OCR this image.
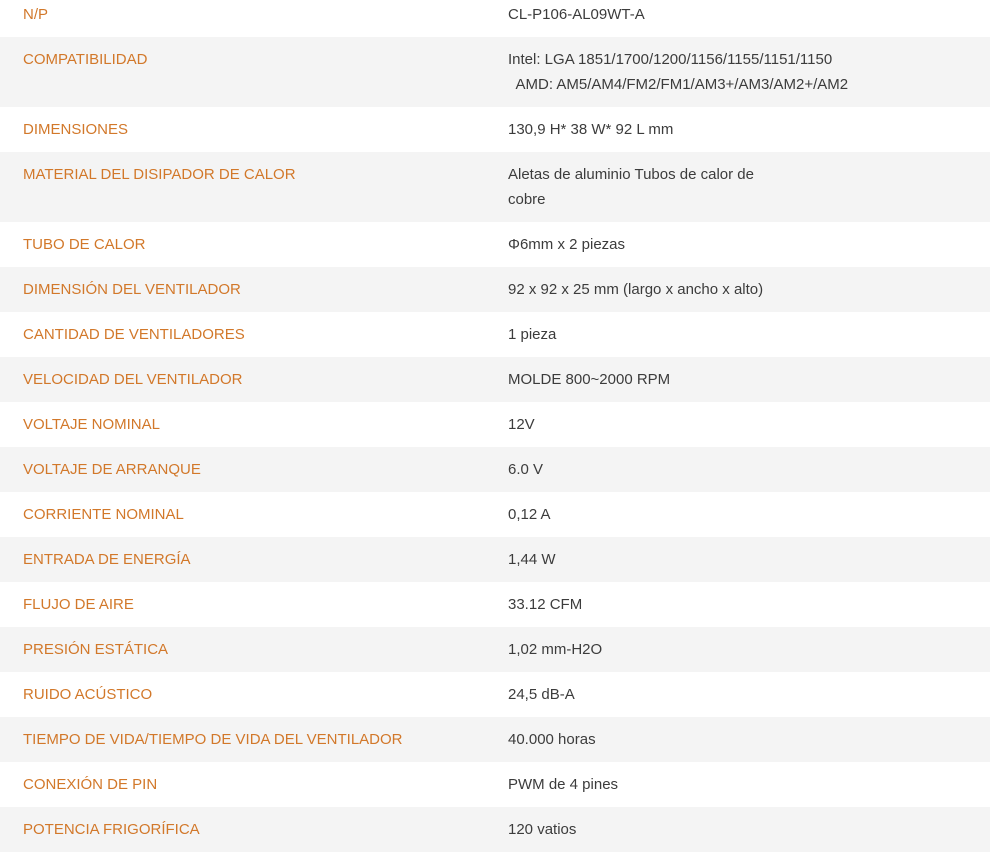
N/P	CL-P106-AL09WT-A

COMPATIBILIDAD	Intel: LGA 1851/1700/1200/1156/1155/1151/1150
AMD: AM5/AM4/FM2/FM1/AM3+/AM3/AM2+/AM2

DIMENSIONES	130,9 H* 38 W* 92 L mm

MATERIAL DEL DISIPADOR DE CALOR	Aletas de aluminio Tubos de calor de
cobre

TUBO DE CALOR	Φ6mm x 2 piezas

DIMENSIÓN DEL VENTILADOR	92 x 92 x 25 mm (largo x ancho x alto)

CANTIDAD DE VENTILADORES	1 pieza

VELOCIDAD DEL VENTILADOR	MOLDE 800~2000 RPM

VOLTAJE NOMINAL	12V

VOLTAJE DE ARRANQUE	6.0 V

CORRIENTE NOMINAL	0,12 A

ENTRADA DE ENERGÍA	1,44 W

FLUJO DE AIRE	33.12 CFM

PRESIÓN ESTÁTICA	1,02 mm-H2O

RUIDO ACÚSTICO	24,5 dB-A

TIEMPO DE VIDA/TIEMPO DE VIDA DEL VENTILADOR	40.000 horas

CONEXIÓN DE PIN	PWM de 4 pines

POTENCIA FRIGORÍFICA	120 vatios
